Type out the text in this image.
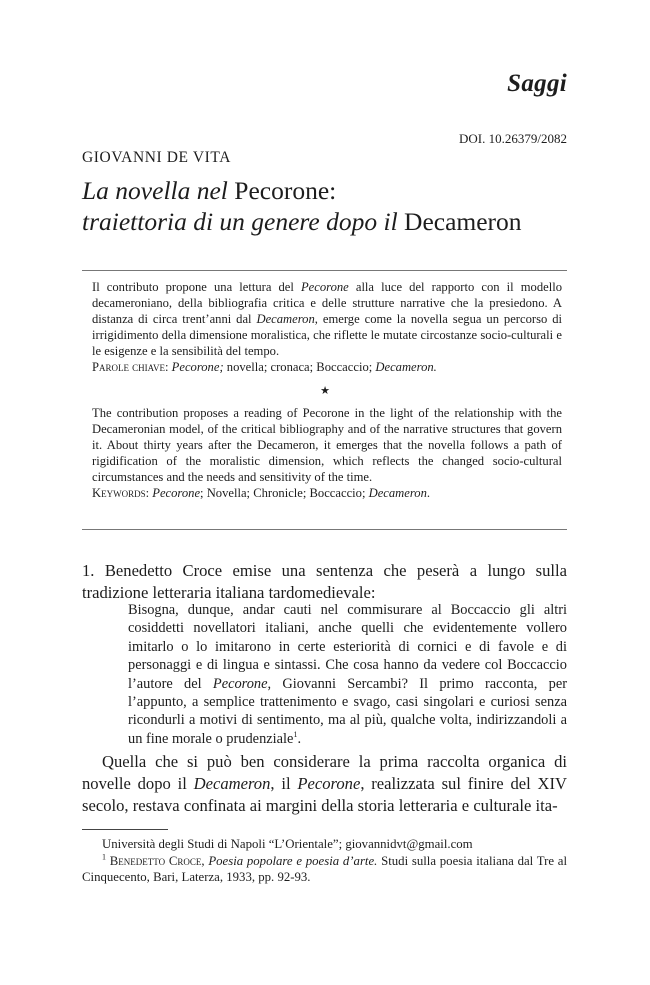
Saggi
DOI. 10.26379/2082
GIOVANNI DE VITA
La novella nel Pecorone:
traiettoria di un genere dopo il Decameron

Il contributo propone una lettura del Pecorone alla luce del rapporto con il modello decameroniano, della bibliografia critica e delle strutture narrative che la presiedono. A distanza di circa trent’anni dal Decameron, emerge come la novella segua un percorso di irrigidimento della dimensione moralistica, che riflette le mutate circostanze socio-culturali e le esigenze e la sensibilità del tempo.

Parole chiave: Pecorone; novella; cronaca; Boccaccio; Decameron.

★

The contribution proposes a reading of Pecorone in the light of the relationship with the Decameronian model, of the critical bibliography and of the narrative structures that govern it. About thirty years after the Decameron, it emerges that the novella follows a path of rigidification of the moralistic dimension, which reflects the changed socio-cultural circumstances and the needs and sensitivity of the time.

Keywords: Pecorone; Novella; Chronicle; Boccaccio; Decameron.

1. Benedetto Croce emise una sentenza che peserà a lungo sulla tradizione letteraria italiana tardomedievale:

Bisogna, dunque, andar cauti nel commisurare al Boccaccio gli altri cosiddetti novellatori italiani, anche quelli che evidentemente vollero imitarlo o lo imitarono in certe esteriorità di cornici e di favole e di personaggi e di lingua e sintassi. Che cosa hanno da vedere col Boccaccio l’autore del Pecorone, Giovanni Sercambi? Il primo racconta, per l’appunto, a semplice trattenimento e svago, casi singolari e curiosi senza ricondurli a motivi di sentimento, ma al più, qualche volta, indirizzandoli a un fine morale o prudenziale$^1$.

Quella che si può ben considerare la prima raccolta organica di novelle dopo il Decameron, il Pecorone, realizzata sul finire del XIV secolo, restava confinata ai margini della storia letteraria e culturale ita-

Università degli Studi di Napoli “L’Orientale”; giovannidvt@gmail.com

$^1$ Benedetto Croce, Poesia popolare e poesia d’arte. Studi sulla poesia italiana dal Tre al Cinquecento, Bari, Laterza, 1933, pp. 92-93.
